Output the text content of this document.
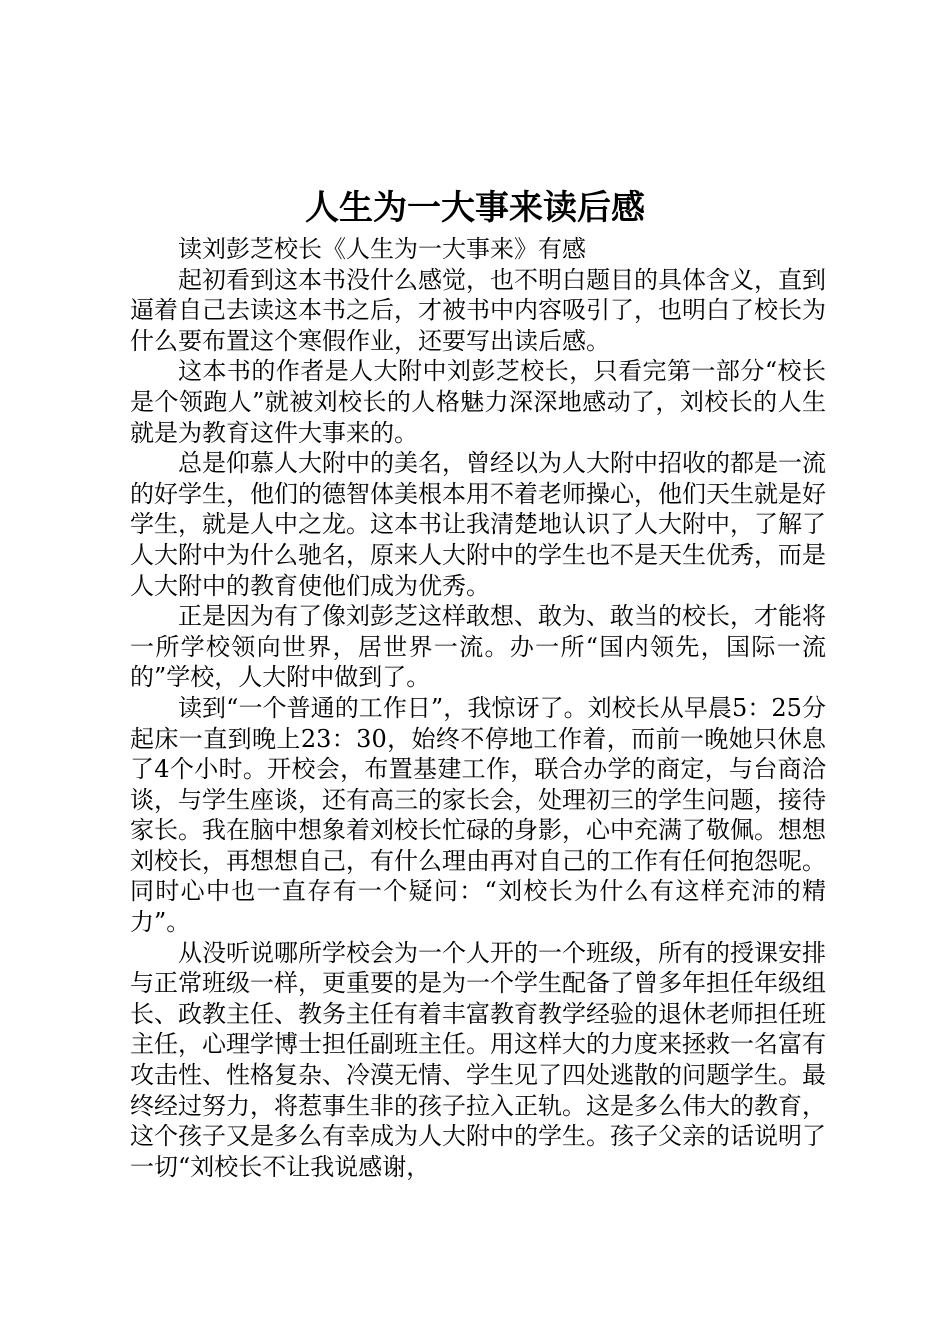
人生为一大事来读后感

读刘彭芝校长《人生为一大事来》有感

起初看到这本书没什么感觉，也不明白题目的具体含义，直到逼着自己去读这本书之后，才被书中内容吸引了，也明白了校长为什么要布置这个寒假作业，还要写出读后感。

这本书的作者是人大附中刘彭芝校长，只看完第一部分“校长是个领跑人”就被刘校长的人格魅力深深地感动了，刘校长的人生就是为教育这件大事来的。

总是仰慕人大附中的美名，曾经以为人大附中招收的都是一流的好学生，他们的德智体美根本用不着老师操心，他们天生就是好学生，就是人中之龙。这本书让我清楚地认识了人大附中，了解了人大附中为什么驰名，原来人大附中的学生也不是天生优秀，而是人大附中的教育使他们成为优秀。

正是因为有了像刘彭芝这样敢想、敢为、敢当的校长，才能将一所学校领向世界，居世界一流。办一所“国内领先，国际一流的”学校，人大附中做到了。

读到“一个普通的工作日”，我惊讶了。刘校长从早晨5：25分起床一直到晚上23：30，始终不停地工作着，而前一晚她只休息了4个小时。开校会，布置基建工作，联合办学的商定，与台商洽谈，与学生座谈，还有高三的家长会，处理初三的学生问题，接待家长。我在脑中想象着刘校长忙碌的身影，心中充满了敬佩。想想刘校长，再想想自己，有什么理由再对自己的工作有任何抱怨呢。同时心中也一直存有一个疑问：“刘校长为什么有这样充沛的精力”。

从没听说哪所学校会为一个人开的一个班级，所有的授课安排与正常班级一样，更重要的是为一个学生配备了曾多年担任年级组长、政教主任、教务主任有着丰富教育教学经验的退休老师担任班主任，心理学博士担任副班主任。用这样大的力度来拯救一名富有攻击性、性格复杂、冷漠无情、学生见了四处逃散的问题学生。最终经过努力，将惹事生非的孩子拉入正轨。这是多么伟大的教育，这个孩子又是多么有幸成为人大附中的学生。孩子父亲的话说明了一切“刘校长不让我说感谢，
